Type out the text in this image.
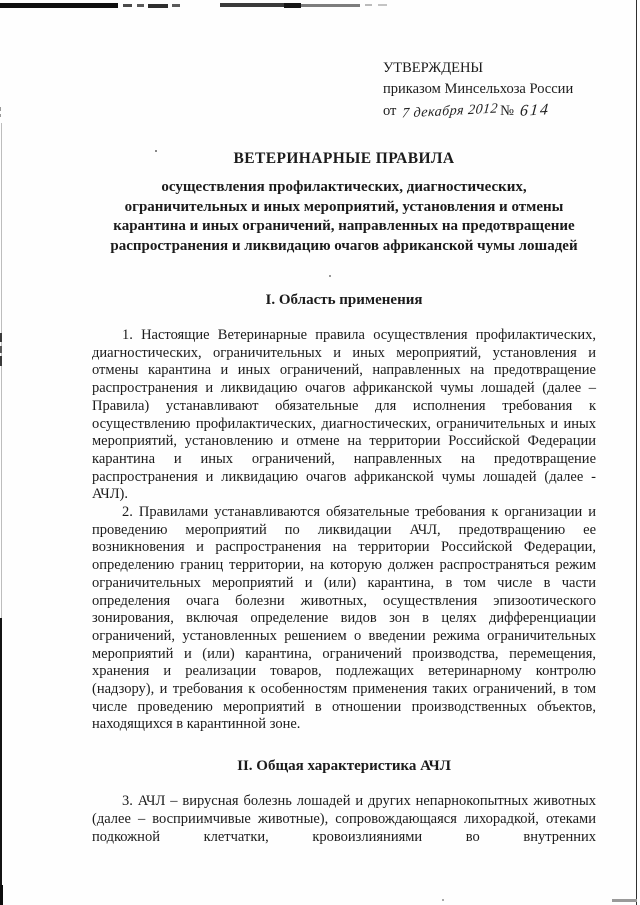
УТВЕРЖДЕНЫ
приказом Минсельхоза России
от 7 декабря 2012№ 614
ВЕТЕРИНАРНЫЕ ПРАВИЛА
осуществления профилактических, диагностических, ограничительных и иных мероприятий, установления и отмены карантина и иных ограничений, направленных на предотвращение распространения и ликвидацию очагов африканской чумы лошадей
I. Область применения

1. Настоящие Ветеринарные правила осуществления профилактических, диагностических, ограничительных и иных мероприятий, установления и отмены карантина и иных ограничений, направленных на предотвращение распространения и ликвидацию очагов африканской чумы лошадей (далее – Правила) устанавливают обязательные для исполнения требования к осуществлению профилактических, диагностических, ограничительных и иных мероприятий, установлению и отмене на территории Российской Федерации карантина и иных ограничений, направленных на предотвращение распространения и ликвидацию очагов африканской чумы лошадей (далее - АЧЛ).

2. Правилами устанавливаются обязательные требования к организации и проведению мероприятий по ликвидации АЧЛ, предотвращению ее возникновения и распространения на территории Российской Федерации, определению границ территории, на которую должен распространяться режим ограничительных мероприятий и (или) карантина, в том числе в части определения очага болезни животных, осуществления эпизоотического зонирования, включая определение видов зон в целях дифференциации ограничений, установленных решением о введении режима ограничительных мероприятий и (или) карантина, ограничений производства, перемещения, хранения и реализации товаров, подлежащих ветеринарному контролю (надзору), и требования к особенностям применения таких ограничений, в том числе проведению мероприятий в отношении производственных объектов, находящихся в карантинной зоне.

II. Общая характеристика АЧЛ

3. АЧЛ – вирусная болезнь лошадей и других непарнокопытных животных (далее – восприимчивые животные), сопровождающаяся лихорадкой, отеками подкожной клетчатки, кровоизлияниями во внутренних
